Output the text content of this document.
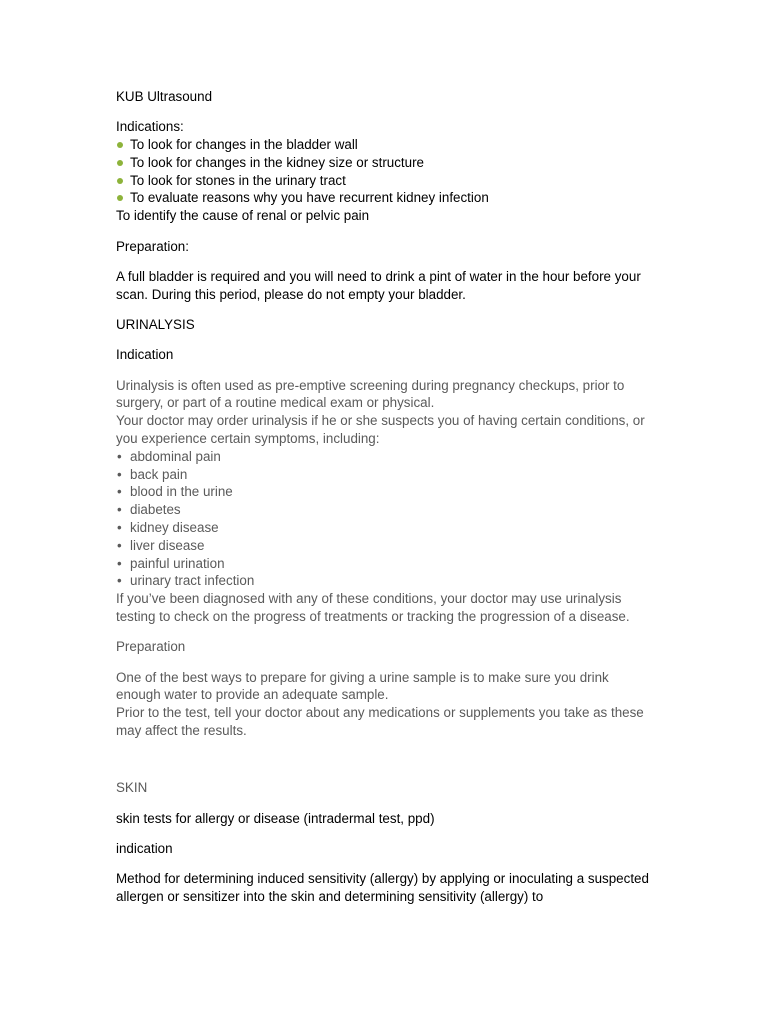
KUB Ultrasound

Indications:

To look for changes in the bladder wall
To look for changes in the kidney size or structure
To look for stones in the urinary tract
To evaluate reasons why you have recurrent kidney infection

To identify the cause of renal or pelvic pain

Preparation:

A full bladder is required and you will need to drink a pint of water in the hour before your scan. During this period, please do not empty your bladder.

URINALYSIS

Indication

Urinalysis is often used as pre-emptive screening during pregnancy checkups, prior to surgery, or part of a routine medical exam or physical.

Your doctor may order urinalysis if he or she suspects you of having certain conditions, or you experience certain symptoms, including:

• abdominal pain
• back pain
• blood in the urine
• diabetes
• kidney disease
• liver disease
• painful urination
• urinary tract infection

If you’ve been diagnosed with any of these conditions, your doctor may use urinalysis testing to check on the progress of treatments or tracking the progression of a disease.

Preparation

One of the best ways to prepare for giving a urine sample is to make sure you drink enough water to provide an adequate sample.

Prior to the test, tell your doctor about any medications or supplements you take as these may affect the results.

SKIN

skin tests for allergy or disease (intradermal test, ppd)

indication

Method for determining induced sensitivity (allergy) by applying or inoculating a suspected allergen or sensitizer into the skin and determining sensitivity (allergy) to
